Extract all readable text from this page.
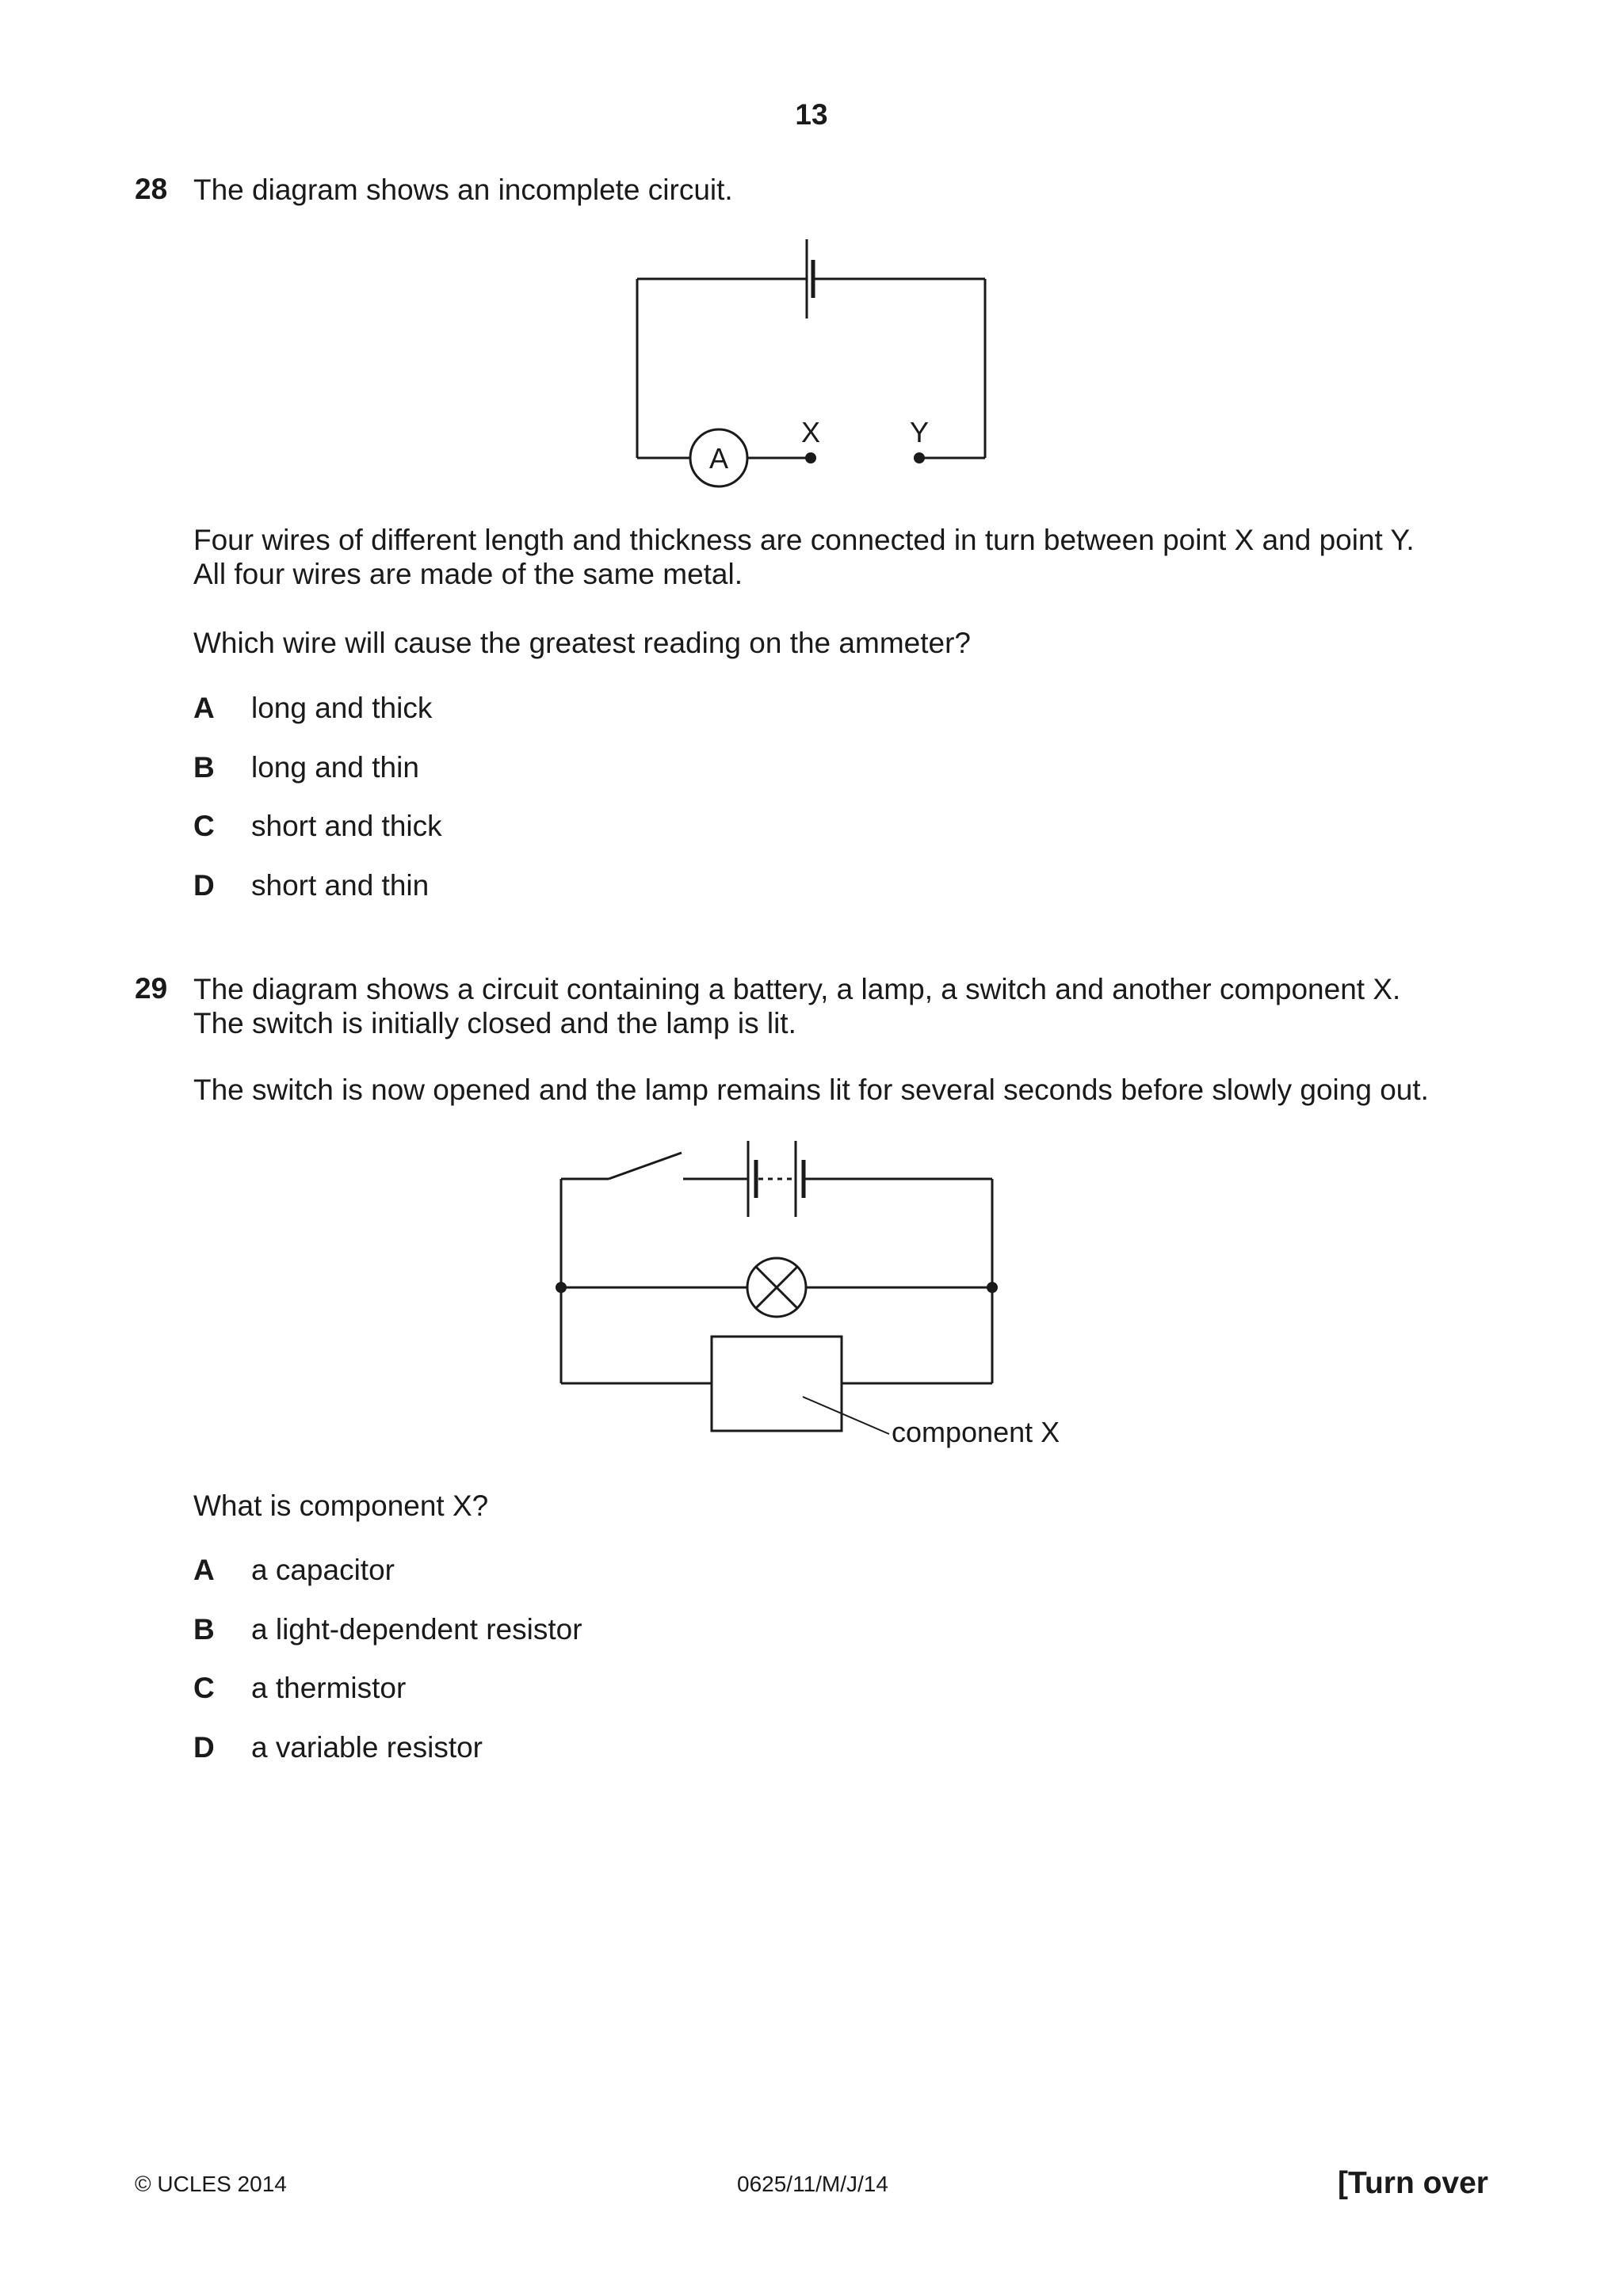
13
28 The diagram shows an incomplete circuit.
A
X	Y
Four wires of different length and thickness are connected in turn between point X and point Y.
All four wires are made of the same metal.
Which wire will cause the greatest reading on the ammeter?
A long and thick
B long and thin
C short and thick
D short and thin
29 The diagram shows a circuit containing a battery, a lamp, a switch and another component X.
The switch is initially closed and the lamp is lit.
The switch is now opened and the lamp remains lit for several seconds before slowly going out.
component X
What is component X?
A a capacitor
B a light-dependent resistor
C a thermistor
D a variable resistor
© UCLES 2014	0625/11/M/J/14	[Turn over
